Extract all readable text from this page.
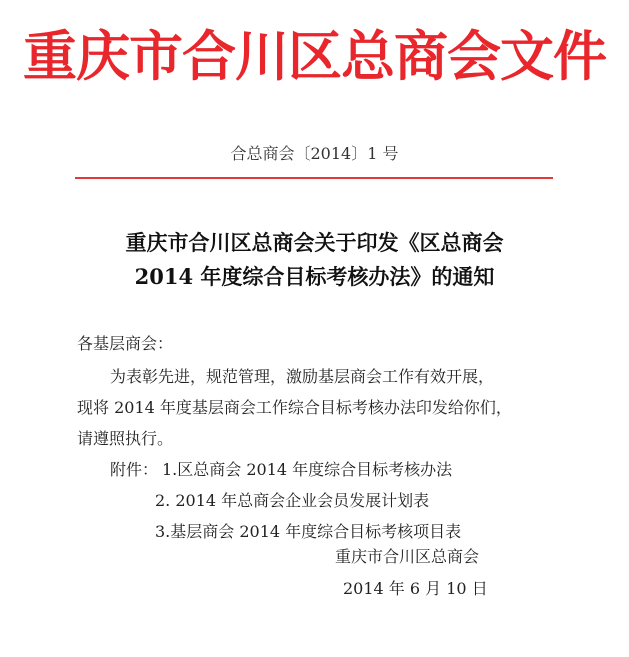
重庆市合川区总商会文件
合总商会〔2014〕1 号
重庆市合川区总商会关于印发《区总商会
2014 年度综合目标考核办法》的通知
各基层商会：
为表彰先进，规范管理，激励基层商会工作有效开展，
现将 2014 年度基层商会工作综合目标考核办法印发给你们，
请遵照执行。
附件： 1.区总商会 2014 年度综合目标考核办法
2. 2014 年总商会企业会员发展计划表
3.基层商会 2014 年度综合目标考核项目表
重庆市合川区总商会
2014 年 6 月 10 日
